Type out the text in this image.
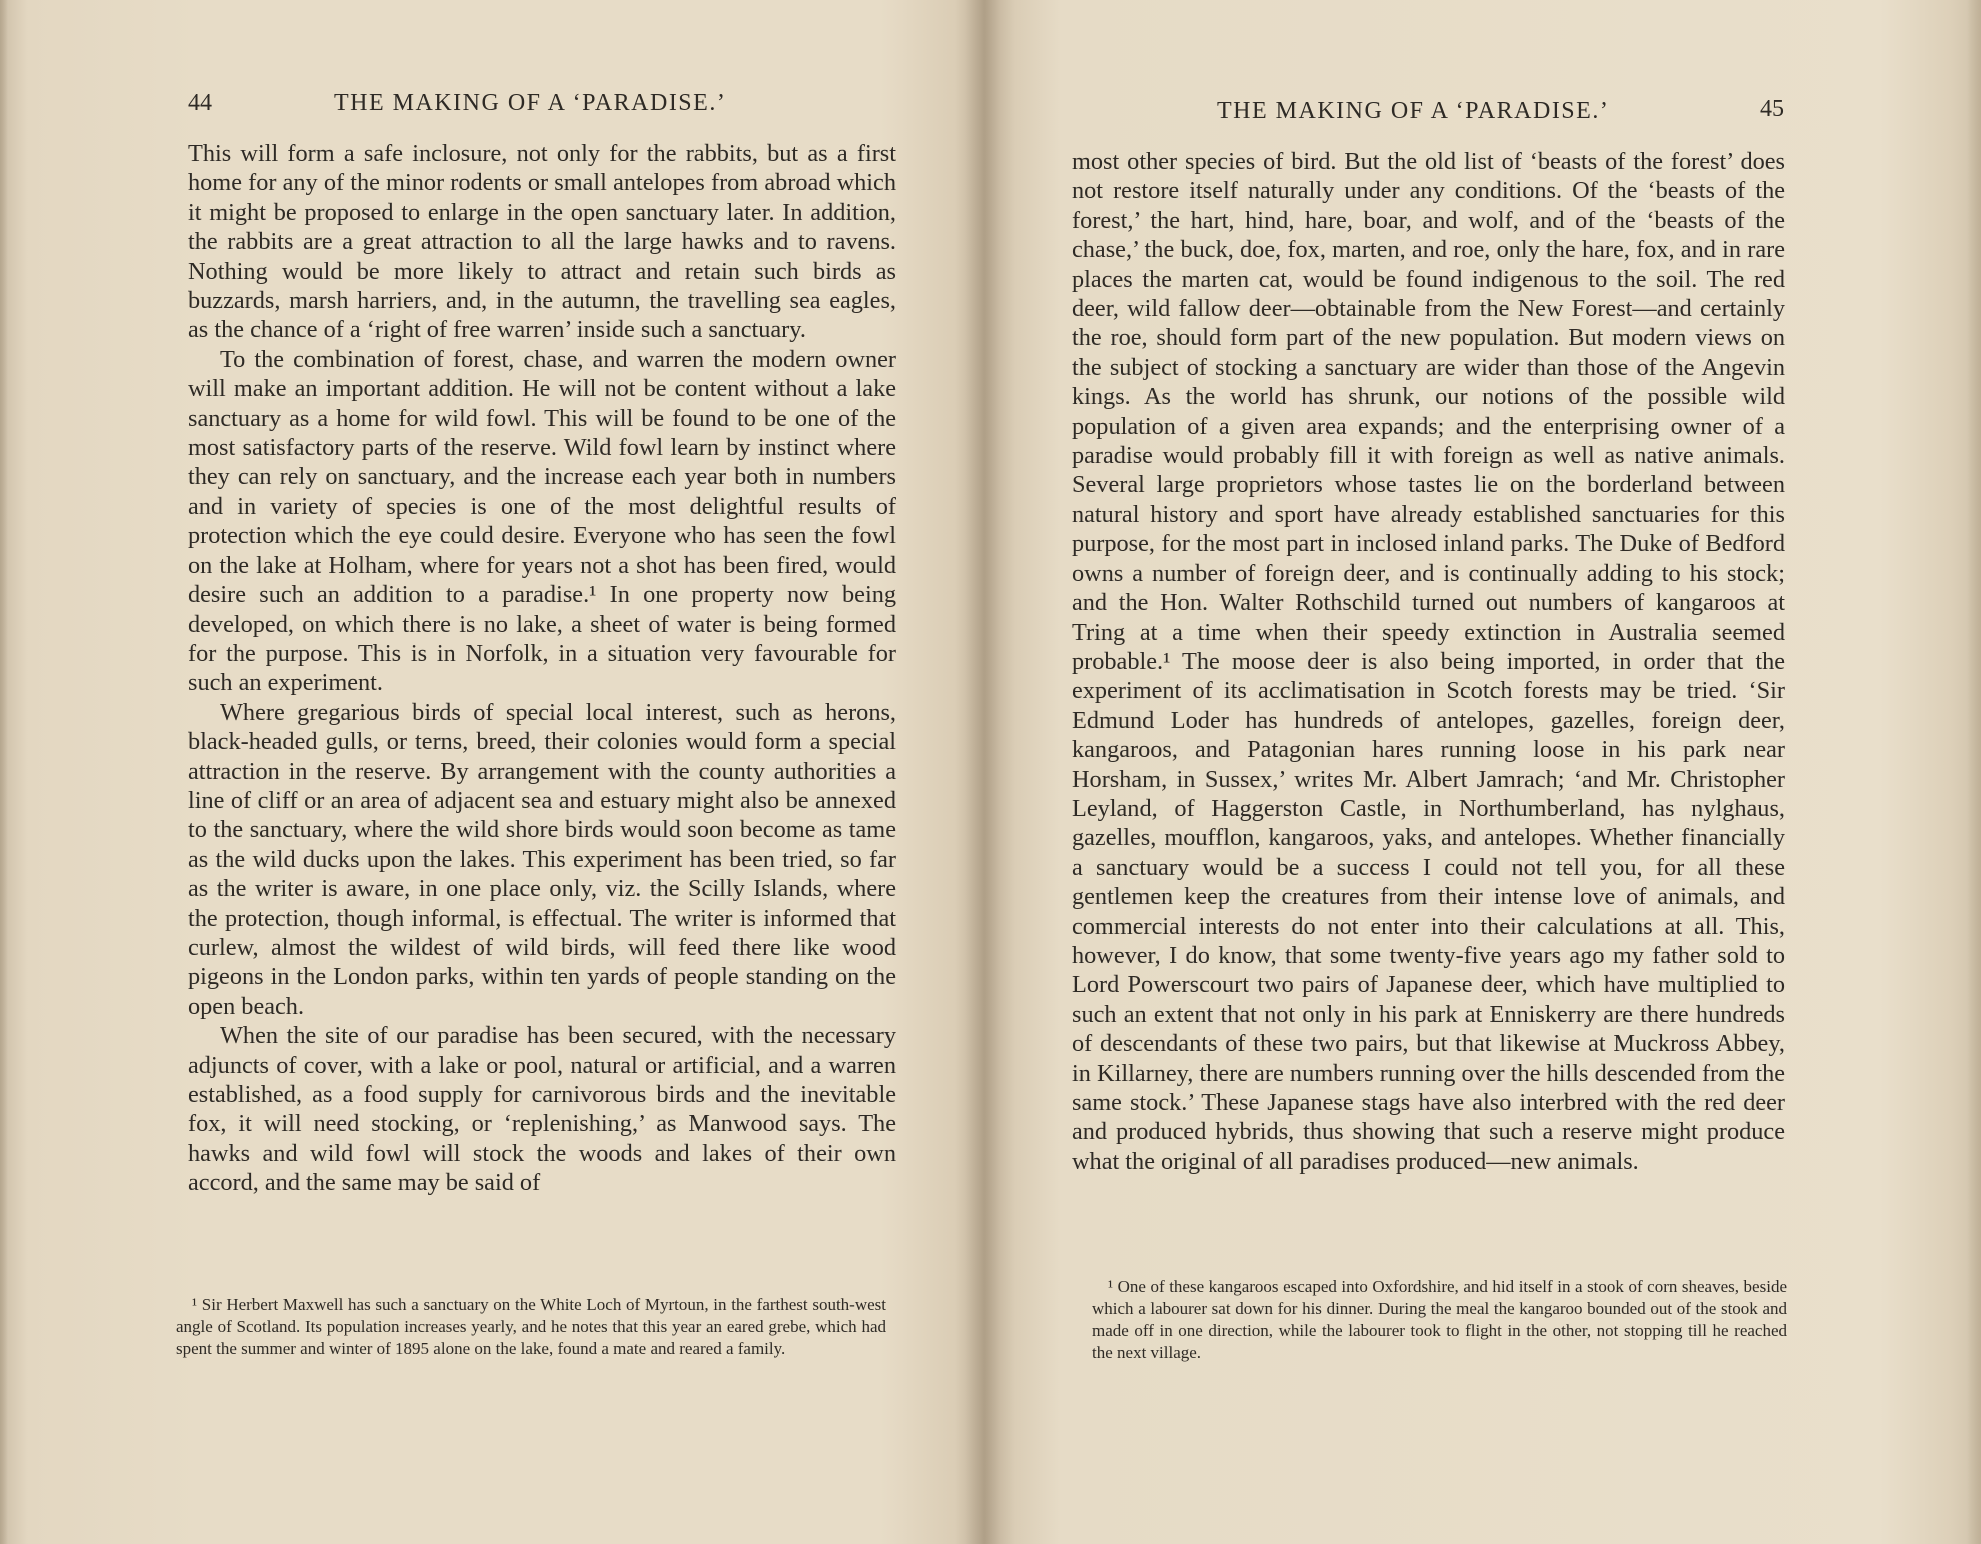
44	THE MAKING OF A ‘PARADISE.’

This will form a safe inclosure, not only for the rabbits, but as a first home for any of the minor rodents or small antelopes from abroad which it might be proposed to enlarge in the open sanctuary later. In addition, the rabbits are a great attraction to all the large hawks and to ravens. Nothing would be more likely to attract and retain such birds as buzzards, marsh harriers, and, in the autumn, the travelling sea eagles, as the chance of a ‘right of free warren’ inside such a sanctuary.

To the combination of forest, chase, and warren the modern owner will make an important addition. He will not be content without a lake sanctuary as a home for wild fowl. This will be found to be one of the most satisfactory parts of the reserve. Wild fowl learn by instinct where they can rely on sanctuary, and the increase each year both in numbers and in variety of species is one of the most delightful results of protection which the eye could desire. Everyone who has seen the fowl on the lake at Holham, where for years not a shot has been fired, would desire such an addition to a paradise.¹ In one property now being developed, on which there is no lake, a sheet of water is being formed for the purpose. This is in Norfolk, in a situation very favourable for such an experiment.

Where gregarious birds of special local interest, such as herons, black-headed gulls, or terns, breed, their colonies would form a special attraction in the reserve. By arrangement with the county authorities a line of cliff or an area of adjacent sea and estuary might also be annexed to the sanctuary, where the wild shore birds would soon become as tame as the wild ducks upon the lakes. This experiment has been tried, so far as the writer is aware, in one place only, viz. the Scilly Islands, where the protection, though informal, is effectual. The writer is informed that curlew, almost the wildest of wild birds, will feed there like wood pigeons in the London parks, within ten yards of people standing on the open beach.

When the site of our paradise has been secured, with the necessary adjuncts of cover, with a lake or pool, natural or artificial, and a warren established, as a food supply for carnivorous birds and the inevitable fox, it will need stocking, or ‘replenishing,’ as Manwood says. The hawks and wild fowl will stock the woods and lakes of their own accord, and the same may be said of

¹ Sir Herbert Maxwell has such a sanctuary on the White Loch of Myrtoun, in the farthest south-west angle of Scotland. Its population increases yearly, and he notes that this year an eared grebe, which had spent the summer and winter of 1895 alone on the lake, found a mate and reared a family.

THE MAKING OF A ‘PARADISE.’	45

most other species of bird. But the old list of ‘beasts of the forest’ does not restore itself naturally under any conditions. Of the ‘beasts of the forest,’ the hart, hind, hare, boar, and wolf, and of the ‘beasts of the chase,’ the buck, doe, fox, marten, and roe, only the hare, fox, and in rare places the marten cat, would be found indigenous to the soil. The red deer, wild fallow deer—obtainable from the New Forest—and certainly the roe, should form part of the new population. But modern views on the subject of stocking a sanctuary are wider than those of the Angevin kings. As the world has shrunk, our notions of the possible wild population of a given area expands; and the enterprising owner of a paradise would probably fill it with foreign as well as native animals. Several large proprietors whose tastes lie on the borderland between natural history and sport have already established sanctuaries for this purpose, for the most part in inclosed inland parks. The Duke of Bedford owns a number of foreign deer, and is continually adding to his stock; and the Hon. Walter Rothschild turned out numbers of kangaroos at Tring at a time when their speedy extinction in Australia seemed probable.¹ The moose deer is also being imported, in order that the experiment of its acclimatisation in Scotch forests may be tried. ‘Sir Edmund Loder has hundreds of antelopes, gazelles, foreign deer, kangaroos, and Patagonian hares running loose in his park near Horsham, in Sussex,’ writes Mr. Albert Jamrach; ‘and Mr. Christopher Leyland, of Haggerston Castle, in Northumberland, has nylghaus, gazelles, moufflon, kangaroos, yaks, and antelopes. Whether financially a sanctuary would be a success I could not tell you, for all these gentlemen keep the creatures from their intense love of animals, and commercial interests do not enter into their calculations at all. This, however, I do know, that some twenty-five years ago my father sold to Lord Powerscourt two pairs of Japanese deer, which have multiplied to such an extent that not only in his park at Enniskerry are there hundreds of descendants of these two pairs, but that likewise at Muckross Abbey, in Killarney, there are numbers running over the hills descended from the same stock.’ These Japanese stags have also interbred with the red deer and produced hybrids, thus showing that such a reserve might produce what the original of all paradises produced—new animals.

¹ One of these kangaroos escaped into Oxfordshire, and hid itself in a stook of corn sheaves, beside which a labourer sat down for his dinner. During the meal the kangaroo bounded out of the stook and made off in one direction, while the labourer took to flight in the other, not stopping till he reached the next village.
